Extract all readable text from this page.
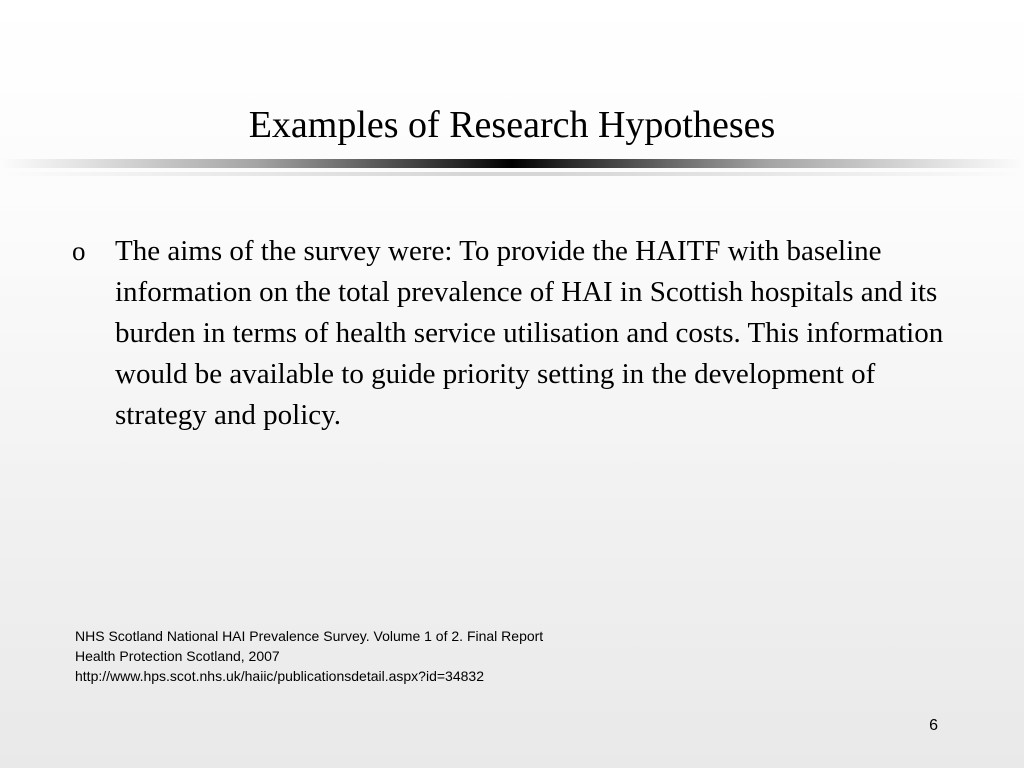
Examples of Research Hypotheses
o The aims of the survey were: To provide the HAITF with baseline information on the total prevalence of HAI in Scottish hospitals and its burden in terms of health service utilisation and costs. This information would be available to guide priority setting in the development of strategy and policy.
NHS Scotland National HAI Prevalence Survey. Volume 1 of 2. Final Report
Health Protection Scotland, 2007
http://www.hps.scot.nhs.uk/haiic/publicationsdetail.aspx?id=34832
6
